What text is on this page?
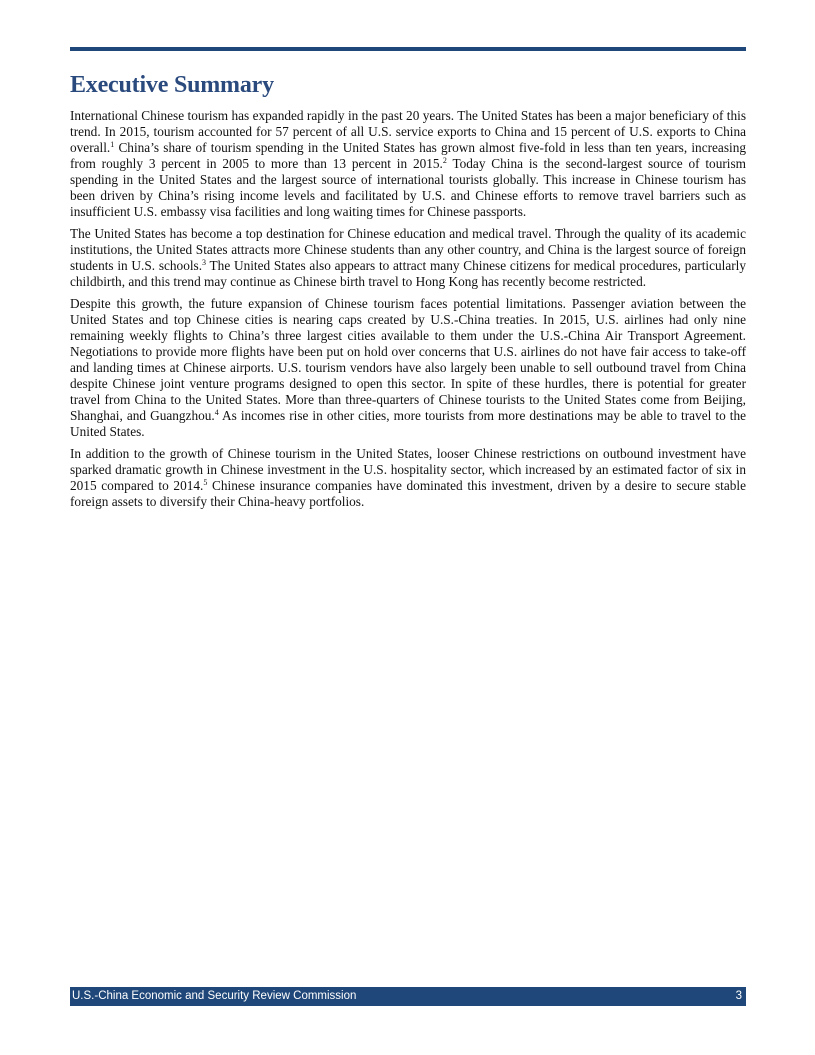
Executive Summary

International Chinese tourism has expanded rapidly in the past 20 years. The United States has been a major beneficiary of this trend. In 2015, tourism accounted for 57 percent of all U.S. service exports to China and 15 percent of U.S. exports to China overall.$^1$ China’s share of tourism spending in the United States has grown almost five-fold in less than ten years, increasing from roughly 3 percent in 2005 to more than 13 percent in 2015.$^2$ Today China is the second-largest source of tourism spending in the United States and the largest source of international tourists globally. This increase in Chinese tourism has been driven by China’s rising income levels and facilitated by U.S. and Chinese efforts to remove travel barriers such as insufficient U.S. embassy visa facilities and long waiting times for Chinese passports.

The United States has become a top destination for Chinese education and medical travel. Through the quality of its academic institutions, the United States attracts more Chinese students than any other country, and China is the largest source of foreign students in U.S. schools.$^3$ The United States also appears to attract many Chinese citizens for medical procedures, particularly childbirth, and this trend may continue as Chinese birth travel to Hong Kong has recently become restricted.

Despite this growth, the future expansion of Chinese tourism faces potential limitations. Passenger aviation between the United States and top Chinese cities is nearing caps created by U.S.-China treaties. In 2015, U.S. airlines had only nine remaining weekly flights to China’s three largest cities available to them under the U.S.-China Air Transport Agreement. Negotiations to provide more flights have been put on hold over concerns that U.S. airlines do not have fair access to take-off and landing times at Chinese airports. U.S. tourism vendors have also largely been unable to sell outbound travel from China despite Chinese joint venture programs designed to open this sector. In spite of these hurdles, there is potential for greater travel from China to the United States. More than three-quarters of Chinese tourists to the United States come from Beijing, Shanghai, and Guangzhou.$^4$ As incomes rise in other cities, more tourists from more destinations may be able to travel to the United States.

In addition to the growth of Chinese tourism in the United States, looser Chinese restrictions on outbound investment have sparked dramatic growth in Chinese investment in the U.S. hospitality sector, which increased by an estimated factor of six in 2015 compared to 2014.$^5$ Chinese insurance companies have dominated this investment, driven by a desire to secure stable foreign assets to diversify their China-heavy portfolios.

U.S.-China Economic and Security Review Commission	3
